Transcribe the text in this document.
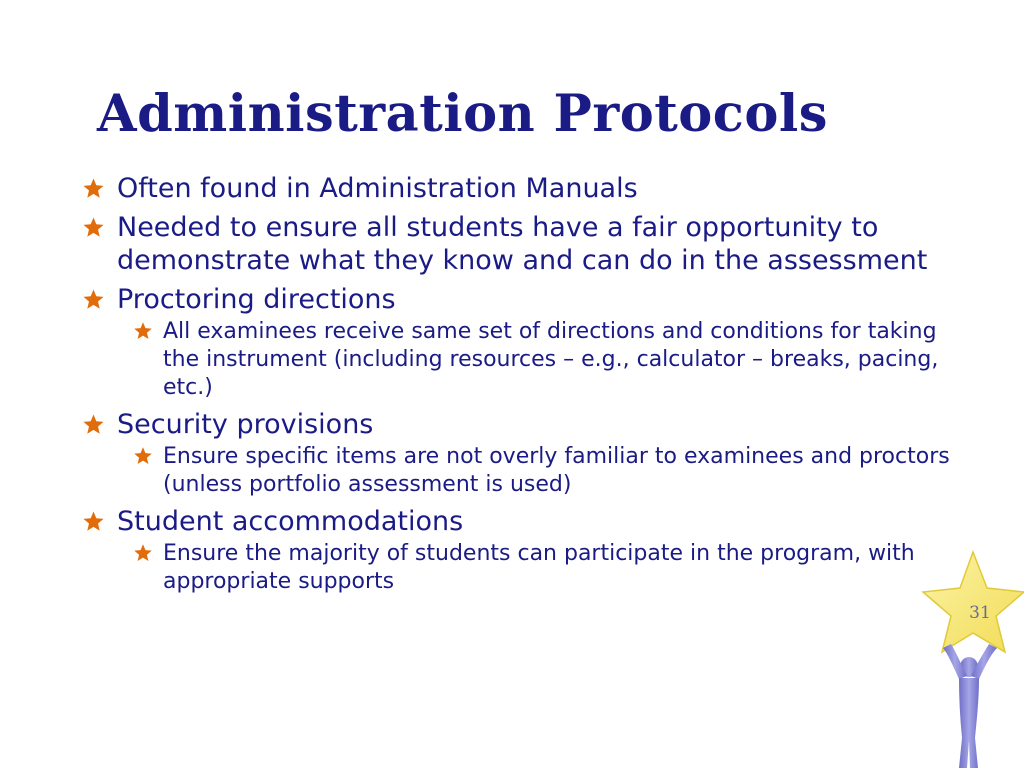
Administration Protocols
Often found in Administration Manuals
Needed to ensure all students have a fair opportunity to demonstrate what they know and can do in the assessment
Proctoring directions
All examinees receive same set of directions and conditions for taking the instrument (including resources – e.g., calculator – breaks, pacing, etc.)
Security provisions
Ensure specific items are not overly familiar to examinees and proctors (unless portfolio assessment is used)
Student accommodations
Ensure the majority of students can participate in the program, with appropriate supports
31
